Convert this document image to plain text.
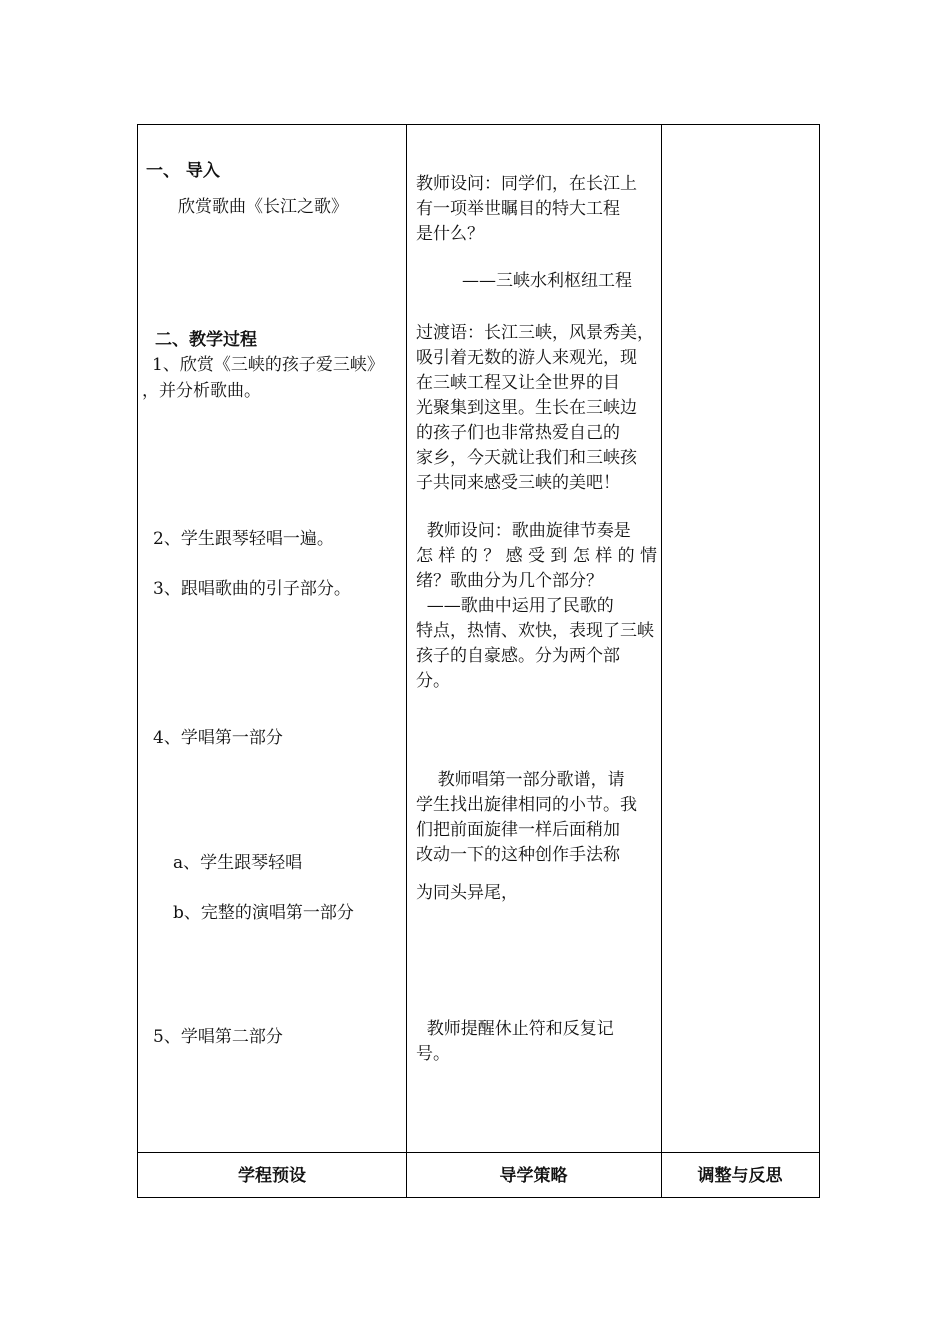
一、 导入
欣赏歌曲《长江之歌》
二、教学过程
1、欣赏《三峡的孩子爱三峡》
，并分析歌曲。
2、学生跟琴轻唱一遍。
3、跟唱歌曲的引子部分。
4、学唱第一部分
a、学生跟琴轻唱
b、完整的演唱第一部分
5、学唱第二部分
教师设问：同学们，在长江上
有一项举世瞩目的特大工程
是什么？
——三峡水利枢纽工程
过渡语：长江三峡，风景秀美，
吸引着无数的游人来观光，现
在三峡工程又让全世界的目
光聚集到这里。生长在三峡边
的孩子们也非常热爱自己的
家乡，今天就让我们和三峡孩
子共同来感受三峡的美吧！
教师设问：歌曲旋律节奏是
怎 样 的 ？ 感 受 到 怎 样 的 情
绪？歌曲分为几个部分？
——歌曲中运用了民歌的
特点，热情、欢快，表现了三峡
孩子的自豪感。分为两个部
分。
教师唱第一部分歌谱，请
学生找出旋律相同的小节。我
们把前面旋律一样后面稍加
改动一下的这种创作手法称
为同头异尾，
教师提醒休止符和反复记
号。
学程预设	导学策略	调整与反思
